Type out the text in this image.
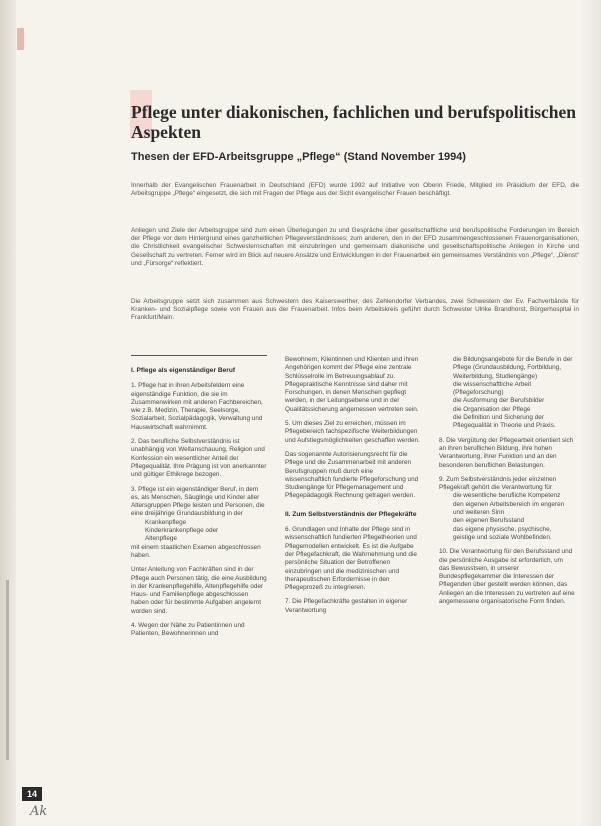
Pflege unter diakonischen, fachlichen und berufspolitischen Aspekten
Thesen der EFD-Arbeitsgruppe „Pflege“ (Stand November 1994)
Innerhalb der Evangelischen Frauenarbeit in Deutschland (EFD) wurde 1992 auf Initiative von Oberin Friede, Mitglied im Präsidium der EFD, die Arbeitsgruppe „Pflege“ eingesetzt, die sich mit Fragen der Pflege aus der Sicht evangelischer Frauen beschäftigt.
Anliegen und Ziele der Arbeitsgruppe sind zum einen Überlegungen zu und Gespräche über gesellschaftliche und berufspolitische Forderungen im Bereich der Pflege vor dem Hintergrund eines ganzheitlichen Pflegeverständnisses; zum anderen, den in der EFD zusammengeschlossenen Frauenorganisationen, die Christlichkeit evangelischer Schwesternschaften mit einzubringen und gemeinsam diakonische und gesellschaftspolitische Anliegen in Kirche und Gesellschaft zu vertreten. Ferner wird im Blick auf neuere Ansätze und Entwicklungen in der Frauenarbeit ein gemeinsames Verständnis von „Pflege“, „Dienst“ und „Fürsorge“ reflektiert.
Die Arbeitsgruppe setzt sich zusammen aus Schwestern des Kaiserswerther, des Zehlendorfer Verbandes, zwei Schwestern der Ev. Fachverbände für Kranken- und Sozialpflege sowie von Frauen aus der Frauenarbeit. Infos beim Arbeitskreis geführt durch Schwester Ulrike Brandhorst, Bürgerhospital in Frankfurt/Main.
I. Pflege als eigenständiger Beruf

1. Pflege hat in ihren Arbeitsfeldern eine eigenständige Funktion, die sie im Zusammenwirken mit anderen Fachbereichen, wie z.B. Medizin, Therapie, Seelsorge, Sozialarbeit, Sozialpädagogik, Verwaltung und Hauswirtschaft wahrnimmt.

2. Das berufliche Selbstverständnis ist unabhängig von Weltanschauung, Religion und Konfession ein wesentlicher Anteil der Pflegequalität. Ihre Prägung ist von anerkannter und gültiger Ethikrege bezogen.

3. Pflege ist ein eigenständiger Beruf, in dem es, als Menschen, Säuglinge und Kinder aller Altersgruppen Pflege leisten und Personen, die eine dreijährige Grundausbildung in der

Krankenpflege
Kinderkrankenpflege oder
Altenpflege

mit einem staatlichen Examen abgeschlossen haben.

Unter Anleitung von Fachkräften sind in der Pflege auch Personen tätig, die eine Ausbildung in der Krankenpflegehilfe, Altenpflegehilfe oder Haus- und Familienpflege abgeschlossen haben oder für bestimmte Aufgaben angelernt worden sind.

4. Wegen der Nähe zu Patientinnen und Patienten, Bewohnerinnen und

Bewohnern, Klientinnen und Klienten und ihren Angehörigen kommt der Pflege eine zentrale Schlüsselrolle im Betreuungsablauf zu. Pflegepraktische Kenntnisse sind daher mit Forschungen, in denen Menschen gepflegt werden, in der Leitungsebene und in der Qualitätssicherung angemessen vertreten sein.

5. Um dieses Ziel zu erreichen, müssen im Pflegebereich fachspezifische Weiterbildungen und Aufstiegsmöglichkeiten geschaffen werden.

Das sogenannte Autorisierungsrecht für die Pflege und die Zusammenarbeit mit anderen Berufsgruppen muß durch eine wissenschaftlich fundierte Pflegeforschung und Studiengänge für Pflegemanagement und Pflegepädagogik Rechnung getragen werden.

II. Zum Selbstverständnis der Pflegekräfte

6. Grundlagen und Inhalte der Pflege sind in wissenschaftlich fundierten Pflegetheorien und Pflegemodellen entwickelt. Es ist die Aufgabe der Pflegefachkraft, die Wahrnehmung und die persönliche Situation der Betroffenen einzubringen und die medizinischen und therapeutischen Erfordernisse in den Pflegeprozeß zu integrieren.

7. Die Pflegefachkräfte gestalten in eigener Verantwortung

die Bildungsangebote für die Berufe in der Pflege (Grundausbildung, Fortbildung, Weiterbildung, Studiengänge)
die wissenschaftliche Arbeit (Pflegeforschung)
die Ausformung der Berufsbilder
die Organisation der Pflege
die Definition und Sicherung der Pflegequalität in Theorie und Praxis.

8. Die Vergütung der Pflegearbeit orientiert sich an ihren beruflichen Bildung, ihre hohen Verantwortung, ihrer Funktion und an den besonderen beruflichen Belastungen.

9. Zum Selbstverständnis jeder einzelnen Pflegekraft gehört die Verantwortung für

die wesentliche berufliche Kompetenz
den eigenen Arbeitsbereich im engeren und weiteren Sinn
den eigenen Berufsstand
das eigene physische, psychische, geistige und soziale Wohlbefinden.

10. Die Verantwortung für den Berufsstand und die persönliche Ausgabe ist erforderlich, um das Bewusstsein, in unserer Bundespflegekammer die Interessen der Pflegenden über gestellt werden können, das Anliegen an die Interessen zu vertreten auf eine angemessene organisatorische Form finden.

14
Ak
